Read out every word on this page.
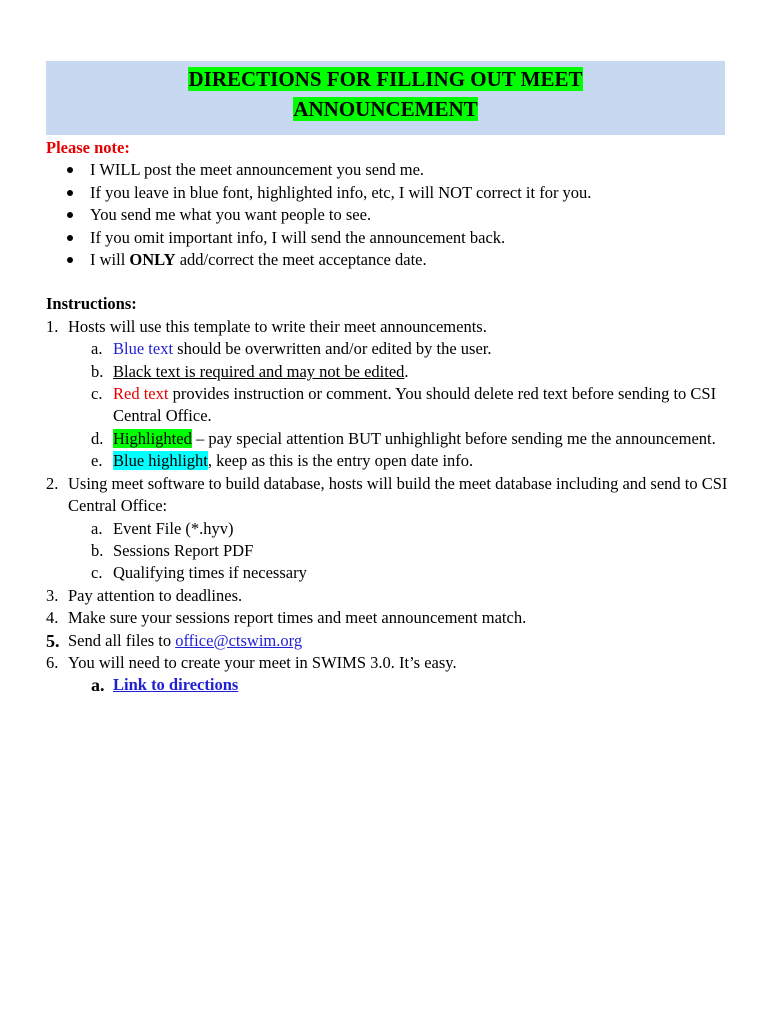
DIRECTIONS FOR FILLING OUT MEET
ANNOUNCEMENT
Please note:
I WILL post the meet announcement you send me.
If you leave in blue font, highlighted info, etc, I will NOT correct it for you.
You send me what you want people to see.
If you omit important info, I will send the announcement back.
I will ONLY add/correct the meet acceptance date.
Instructions:
1. Hosts will use this template to write their meet announcements.
a. Blue text should be overwritten and/or edited by the user.
b. Black text is required and may not be edited.
c. Red text provides instruction or comment. You should delete red text before sending to CSI Central Office.
d. Highlighted – pay special attention BUT unhighlight before sending me the announcement.
e. Blue highlight, keep as this is the entry open date info.
2. Using meet software to build database, hosts will build the meet database including and send to CSI Central Office:
a. Event File (*.hyv)
b. Sessions Report PDF
c. Qualifying times if necessary
3. Pay attention to deadlines.
4. Make sure your sessions report times and meet announcement match.
5. Send all files to office@ctswim.org
6. You will need to create your meet in SWIMS 3.0. It’s easy.
a. Link to directions
